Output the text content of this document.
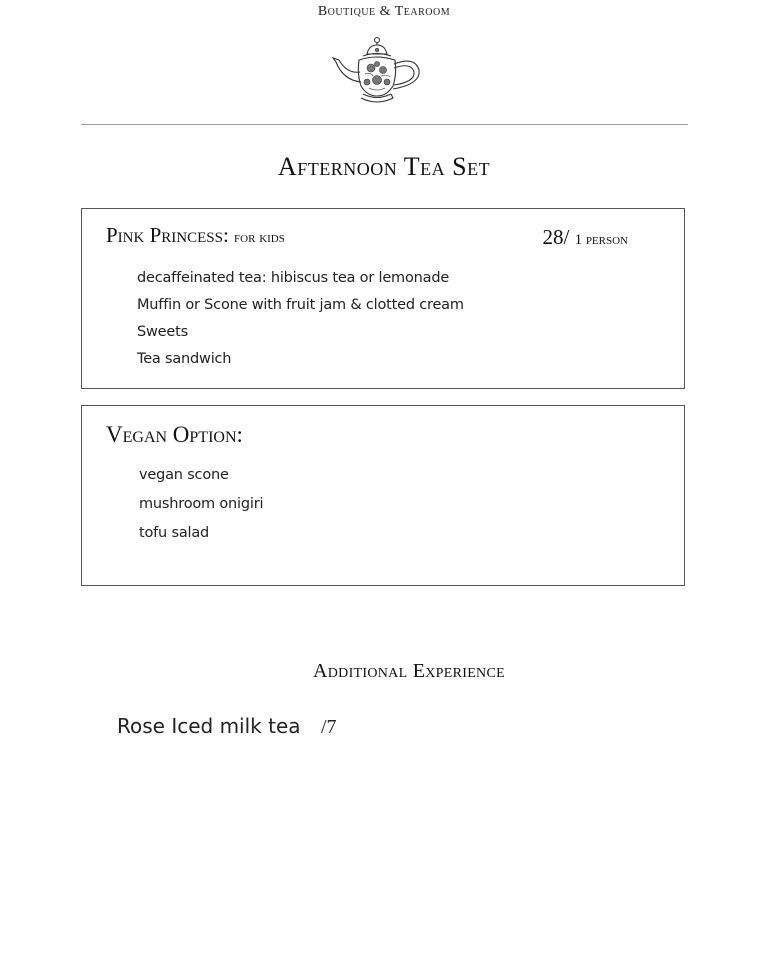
Boutique & Tearoom
Afternoon Tea Set
Pink Princess: for kids	28/ 1 person
decaffeinated tea: hibiscus tea or lemonade
Muffin or Scone with fruit jam & clotted cream
Sweets
Tea sandwich
Vegan Option:
vegan scone
mushroom onigiri
tofu salad
Additional Experience
Rose Iced milk tea /7
